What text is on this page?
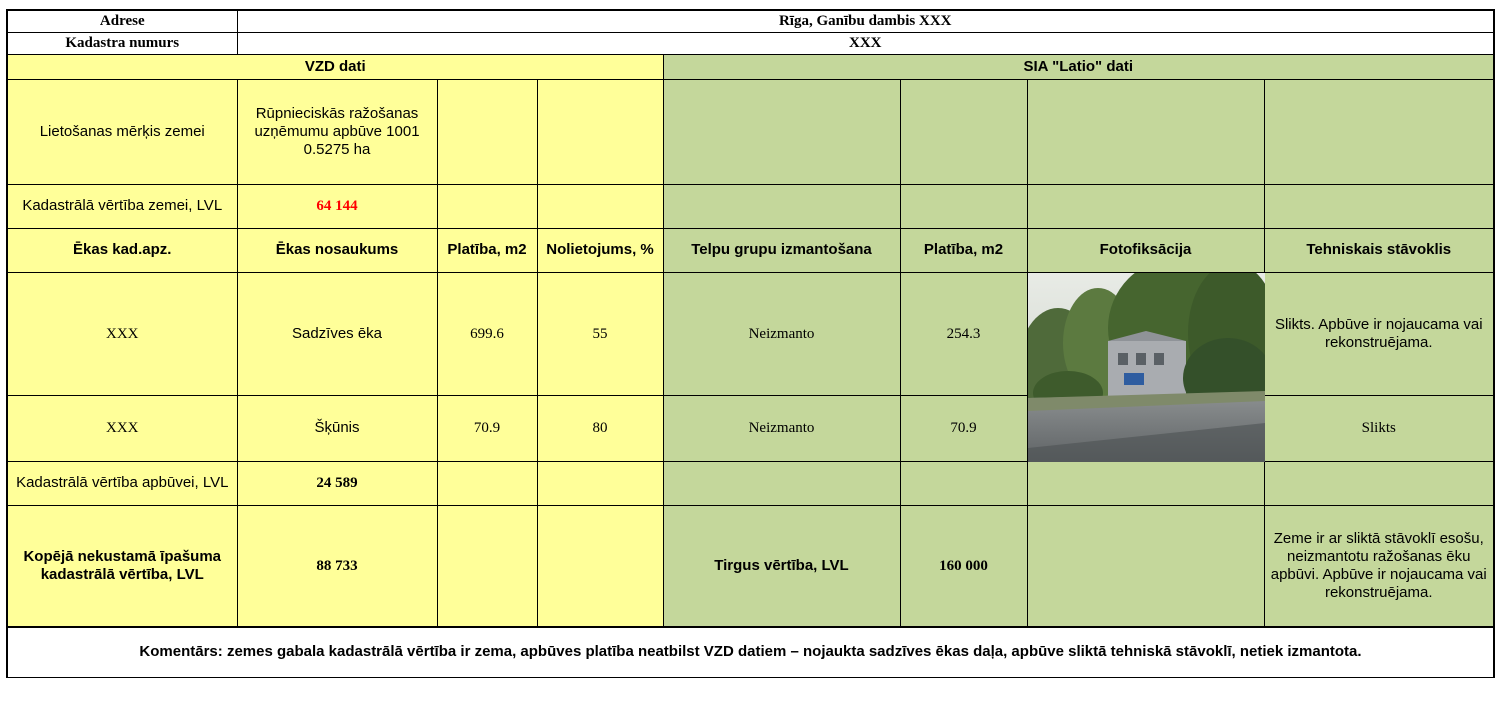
Adrese	Rīga, Ganību dambis XXX						
Kadastra numurs	XXX						
VZD dati				SIA "Latio" dati			
Lietošanas mērķis zemei	Rūpnieciskās ražošanas uzņēmumu apbūve 1001 0.5275 ha						
Kadastrālā vērtība zemei, LVL	64 144						
Ēkas kad.apz.	Ēkas nosaukums	Platība, m2	Nolietojums, %	Telpu grupu izmantošana	Platība, m2	Fotofiksācija	Tehniskais stāvoklis
XXX	Sadzīves ēka	699.6	55	Neizmanto	254.3		Slikts. Apbūve ir nojaucama vai rekonstruējama.
XXX	Šķūnis	70.9	80	Neizmanto	70.9		Slikts
Kadastrālā vērtība apbūvei, LVL	24 589						
Kopējā nekustamā īpašuma kadastrālā vērtība, LVL	88 733			Tirgus vērtība, LVL	160 000		Zeme ir ar sliktā stāvoklī esošu, neizmantotu ražošanas ēku apbūvi. Apbūve ir nojaucama vai rekonstruējama.
Komentārs: zemes gabala kadastrālā vērtība ir zema, apbūves platība neatbilst VZD datiem – nojaukta sadzīves ēkas daļa, apbūve sliktā tehniskā stāvoklī, netiek izmantota.							
